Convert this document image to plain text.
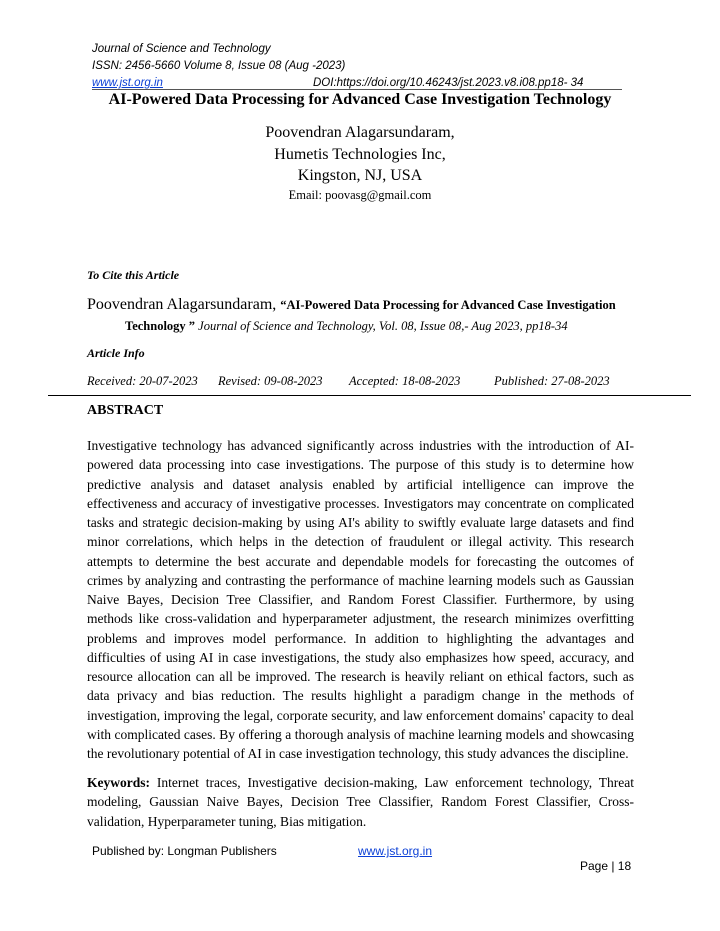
Journal of Science and Technology
ISSN: 2456-5660 Volume 8, Issue 08 (Aug -2023)
www.jst.org.in	DOI:https://doi.org/10.46243/jst.2023.v8.i08.pp18- 34
AI-Powered Data Processing for Advanced Case Investigation Technology
Poovendran Alagarsundaram,
Humetis Technologies Inc,
Kingston, NJ, USA
Email: poovasg@gmail.com
To Cite this Article
Poovendran Alagarsundaram, “AI-Powered Data Processing for Advanced Case Investigation
Technology ” Journal of Science and Technology, Vol. 08, Issue 08,- Aug 2023, pp18-34
Article Info
Received: 20-07-2023 Revised: 09-08-2023 Accepted: 18-08-2023	Published: 27-08-2023
ABSTRACT

Investigative technology has advanced significantly across industries with the introduction of AI-powered data processing into case investigations. The purpose of this study is to determine how predictive analysis and dataset analysis enabled by artificial intelligence can improve the effectiveness and accuracy of investigative processes. Investigators may concentrate on complicated tasks and strategic decision-making by using AI's ability to swiftly evaluate large datasets and find minor correlations, which helps in the detection of fraudulent or illegal activity. This research attempts to determine the best accurate and dependable models for forecasting the outcomes of crimes by analyzing and contrasting the performance of machine learning models such as Gaussian Naive Bayes, Decision Tree Classifier, and Random Forest Classifier. Furthermore, by using methods like cross-validation and hyperparameter adjustment, the research minimizes overfitting problems and improves model performance. In addition to highlighting the advantages and difficulties of using AI in case investigations, the study also emphasizes how speed, accuracy, and resource allocation can all be improved. The research is heavily reliant on ethical factors, such as data privacy and bias reduction. The results highlight a paradigm change in the methods of investigation, improving the legal, corporate security, and law enforcement domains' capacity to deal with complicated cases. By offering a thorough analysis of machine learning models and showcasing the revolutionary potential of AI in case investigation technology, this study advances the discipline.

Keywords: Internet traces, Investigative decision-making, Law enforcement technology, Threat modeling, Gaussian Naive Bayes, Decision Tree Classifier, Random Forest Classifier, Cross-validation, Hyperparameter tuning, Bias mitigation.

Published by: Longman Publishers	www.jst.org.in
Page | 18
